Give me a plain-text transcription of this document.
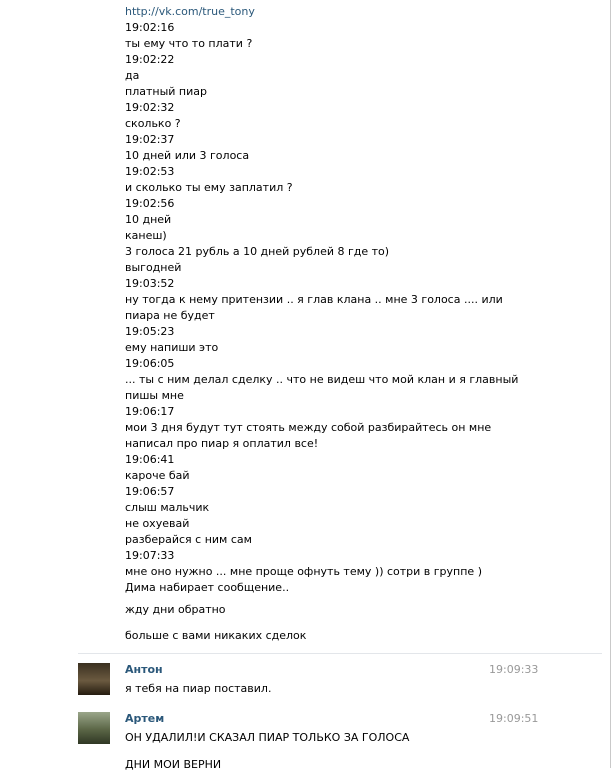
http://vk.com/true_tony
19:02:16
ты ему что то плати ?
19:02:22
да
платный пиар
19:02:32
сколько ?
19:02:37
10 дней или 3 голоса
19:02:53
и сколько ты ему заплатил ?
19:02:56
10 дней
канеш)
3 голоса 21 рубль а 10 дней рублей 8 где то)
выгодней
19:03:52
ну тогда к нему притензии .. я глав клана .. мне 3 голоса .... или
пиара не будет
19:05:23
ему напиши это
19:06:05
... ты с ним делал сделку .. что не видеш что мой клан и я главный
пишы мне
19:06:17
мои 3 дня будут тут стоять между собой разбирайтесь он мне
написал про пиар я оплатил все!
19:06:41
кароче бай
19:06:57
слыш мальчик
не охуевай
разберайся с ним сам
19:07:33
мне оно нужно ... мне проще офнуть тему )) сотри в группе )
Дима набирает сообщение..
жду дни обратно
больше с вами никаких сделок
Антон	19:09:33
я тебя на пиар поставил.
Артем	19:09:51
ОН УДАЛИЛ!И СКАЗАЛ ПИАР ТОЛЬКО ЗА ГОЛОСА
ДНИ МОИ ВЕРНИ
